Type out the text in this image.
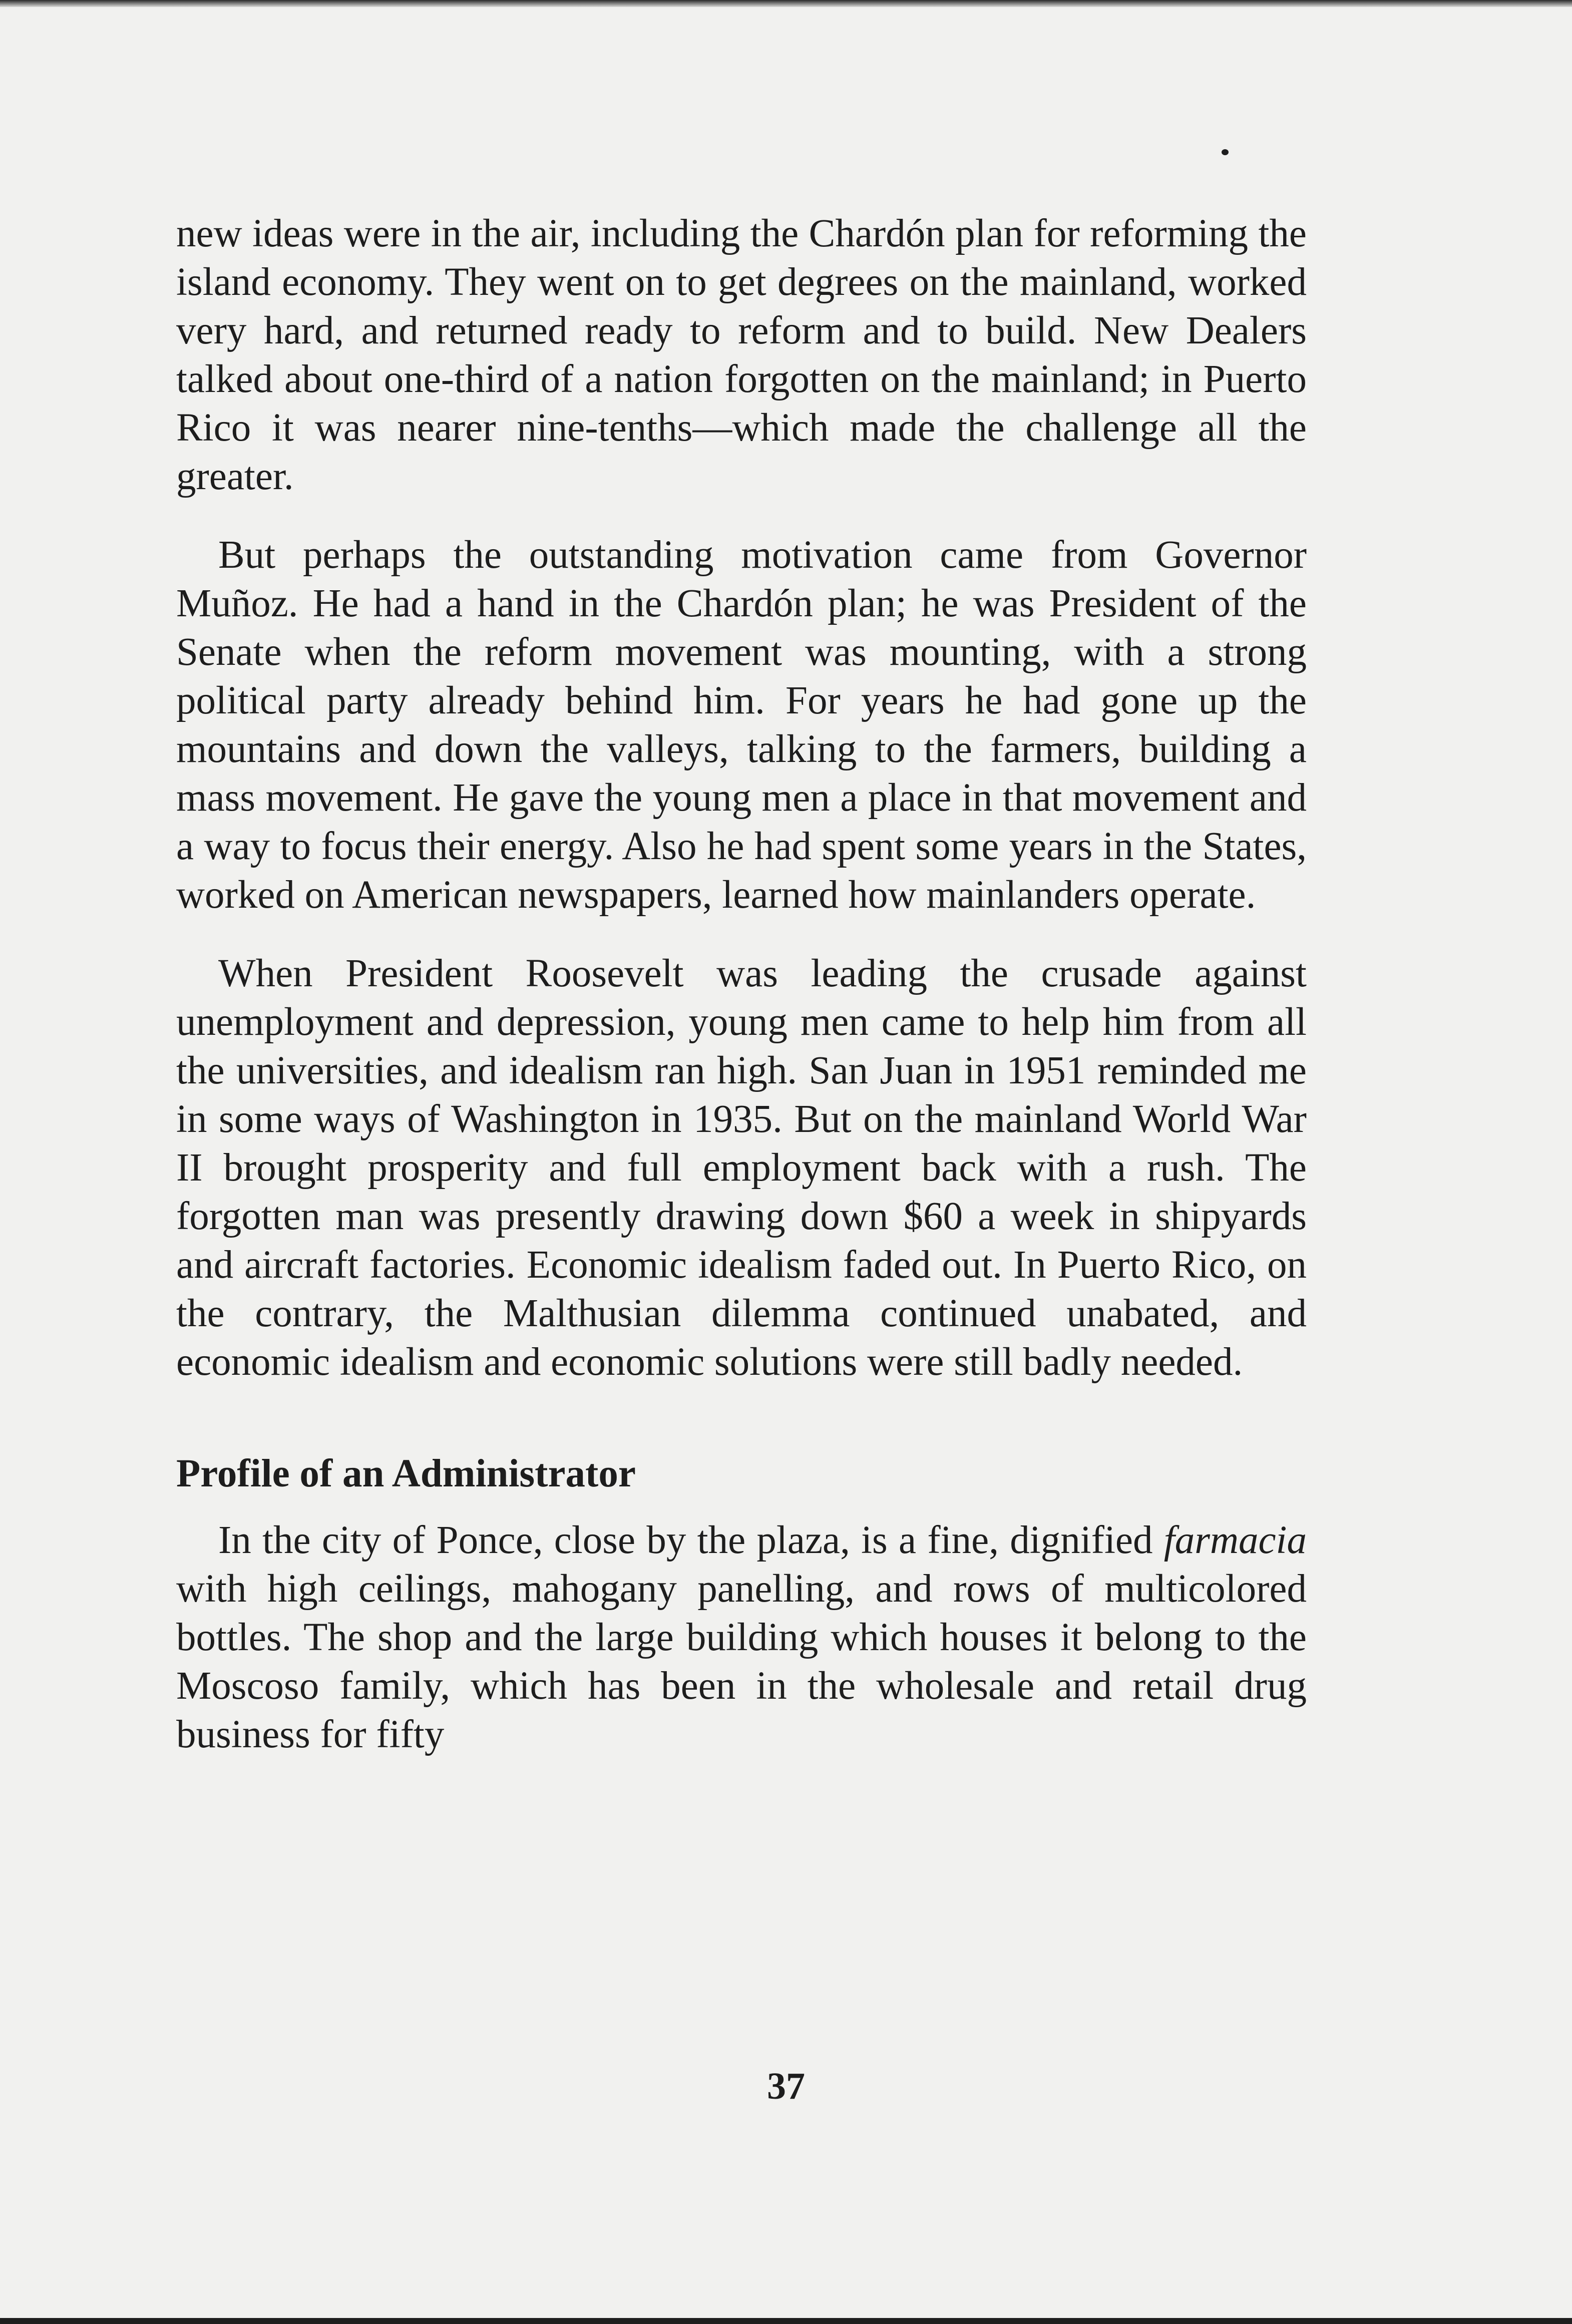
new ideas were in the air, including the Chardón plan for reforming the island economy. They went on to get degrees on the mainland, worked very hard, and returned ready to reform and to build. New Dealers talked about one-third of a nation forgotten on the mainland; in Puerto Rico it was nearer nine-tenths—which made the challenge all the greater.

But perhaps the outstanding motivation came from Governor Muñoz. He had a hand in the Chardón plan; he was President of the Senate when the reform movement was mounting, with a strong political party already behind him. For years he had gone up the mountains and down the valleys, talking to the farmers, building a mass movement. He gave the young men a place in that movement and a way to focus their energy. Also he had spent some years in the States, worked on American newspapers, learned how mainlanders operate.

When President Roosevelt was leading the crusade against unemployment and depression, young men came to help him from all the universities, and idealism ran high. San Juan in 1951 reminded me in some ways of Washington in 1935. But on the mainland World War II brought prosperity and full employment back with a rush. The forgotten man was presently drawing down $60 a week in shipyards and aircraft factories. Economic idealism faded out. In Puerto Rico, on the contrary, the Malthusian dilemma continued unabated, and economic idealism and economic solutions were still badly needed.

Profile of an Administrator

In the city of Ponce, close by the plaza, is a fine, dignified farmacia with high ceilings, mahogany panelling, and rows of multicolored bottles. The shop and the large building which houses it belong to the Moscoso family, which has been in the wholesale and retail drug business for fifty

37
